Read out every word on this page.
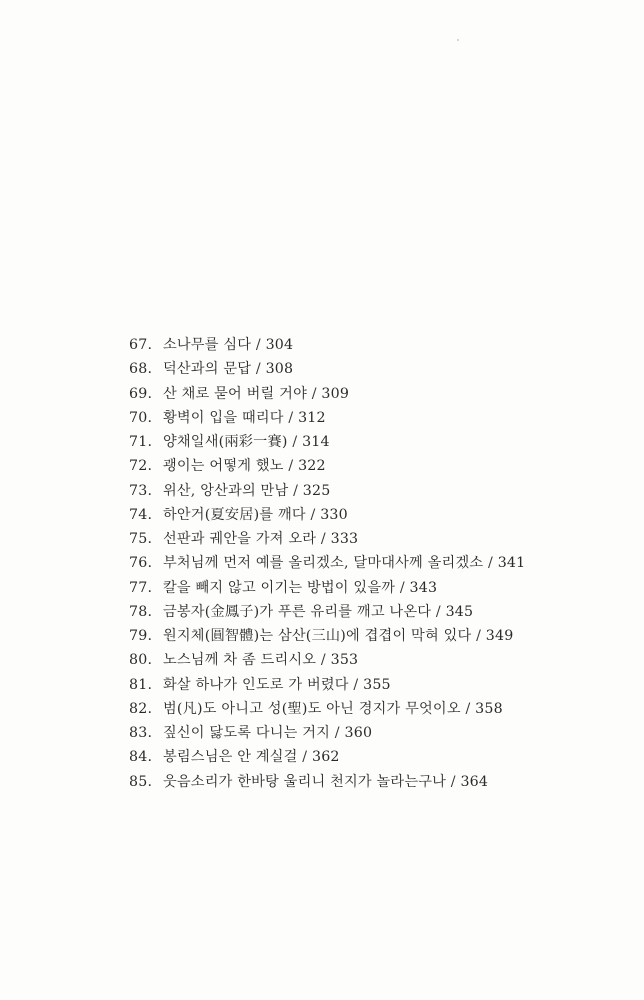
67. 소나무를 심다 / 304
68. 덕산과의 문답 / 308
69. 산 채로 묻어 버릴 거야 / 309
70. 황벽이 입을 때리다 / 312
71. 양채일새(兩彩一賽) / 314
72. 괭이는 어떻게 했노 / 322
73. 위산, 앙산과의 만남 / 325
74. 하안거(夏安居)를 깨다 / 330
75. 선판과 궤안을 가져 오라 / 333
76. 부처님께 먼저 예를 올리겠소, 달마대사께 올리겠소 / 341
77. 칼을 빼지 않고 이기는 방법이 있을까 / 343
78. 금봉자(金鳳子)가 푸른 유리를 깨고 나온다 / 345
79. 원지체(圓智體)는 삼산(三山)에 겹겹이 막혀 있다 / 349
80. 노스님께 차 좀 드리시오 / 353
81. 화살 하나가 인도로 가 버렸다 / 355
82. 범(凡)도 아니고 성(聖)도 아닌 경지가 무엇이오 / 358
83. 짚신이 닳도록 다니는 거지 / 360
84. 봉림스님은 안 계실걸 / 362
85. 웃음소리가 한바탕 울리니 천지가 놀라는구나 / 364
